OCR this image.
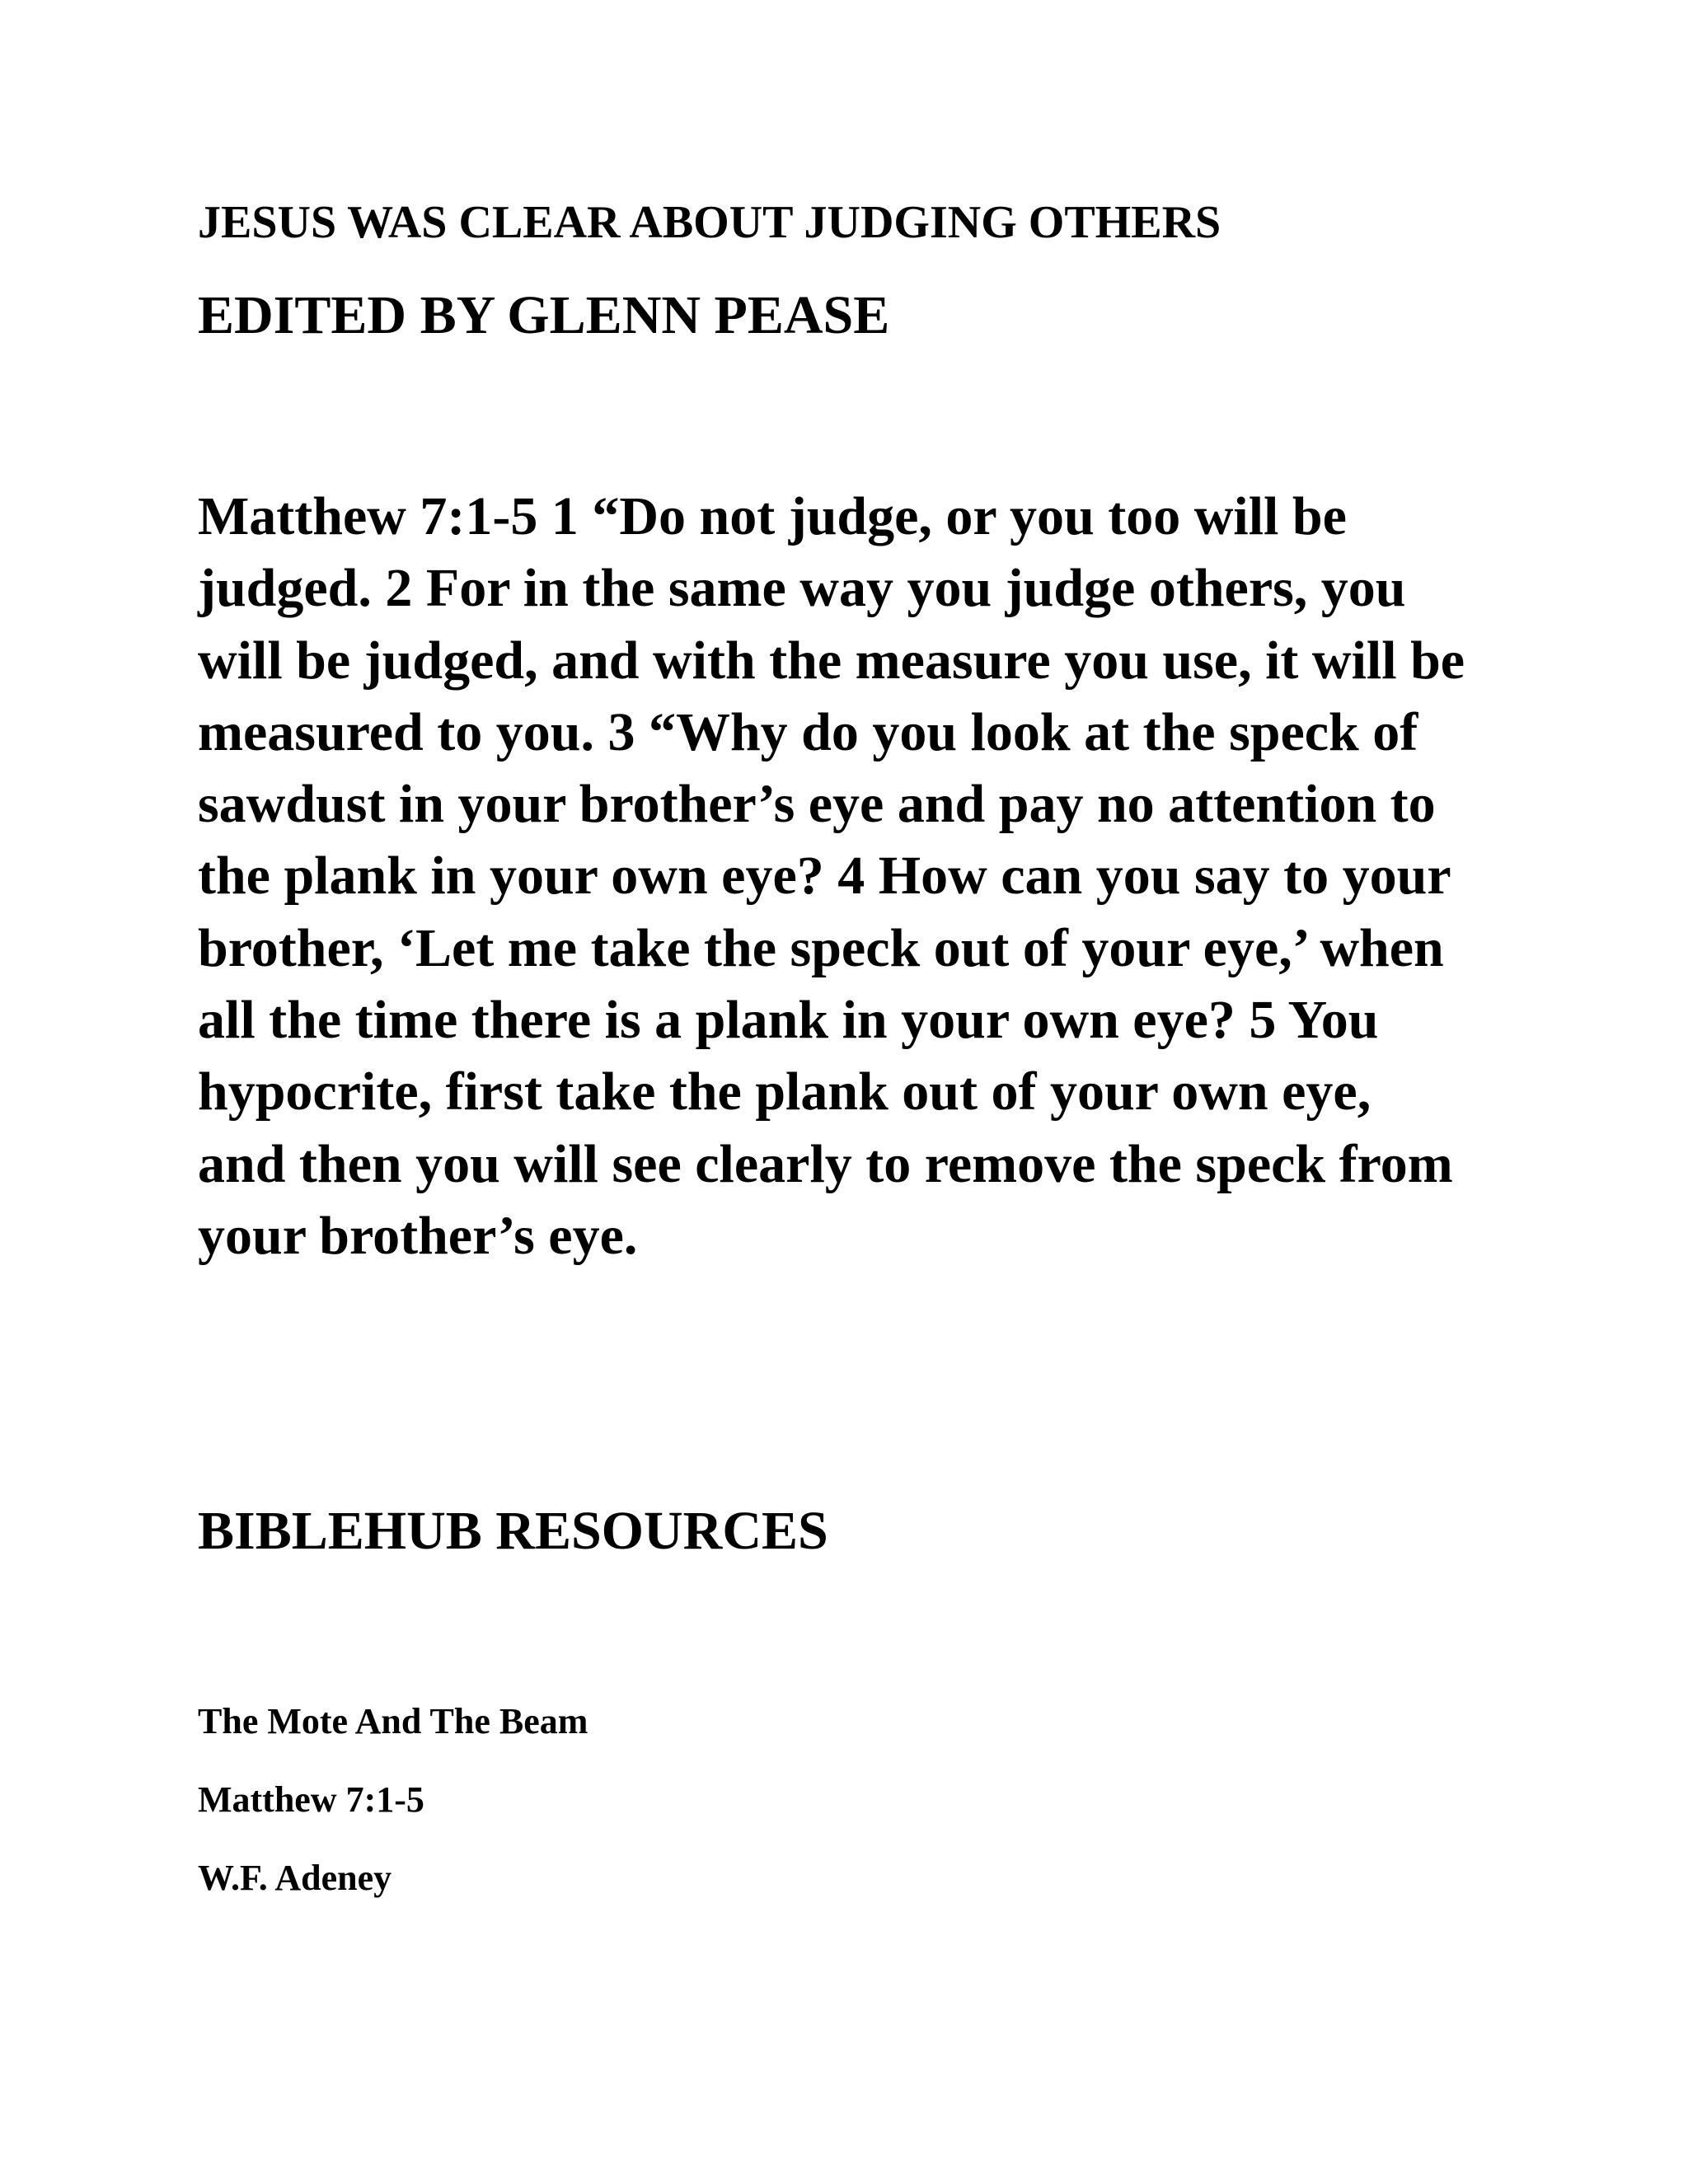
JESUS WAS CLEAR ABOUT JUDGING OTHERS
EDITED BY GLENN PEASE
Matthew 7:1-5 1 “Do not judge, or you too will be
judged. 2 For in the same way you judge others, you
will be judged, and with the measure you use, it will be
measured to you. 3 “Why do you look at the speck of
sawdust in your brother’s eye and pay no attention to
the plank in your own eye? 4 How can you say to your
brother, ‘Let me take the speck out of your eye,’ when
all the time there is a plank in your own eye? 5 You
hypocrite, first take the plank out of your own eye,
and then you will see clearly to remove the speck from
your brother’s eye.
BIBLEHUB RESOURCES
The Mote And The Beam
Matthew 7:1-5
W.F. Adeney
